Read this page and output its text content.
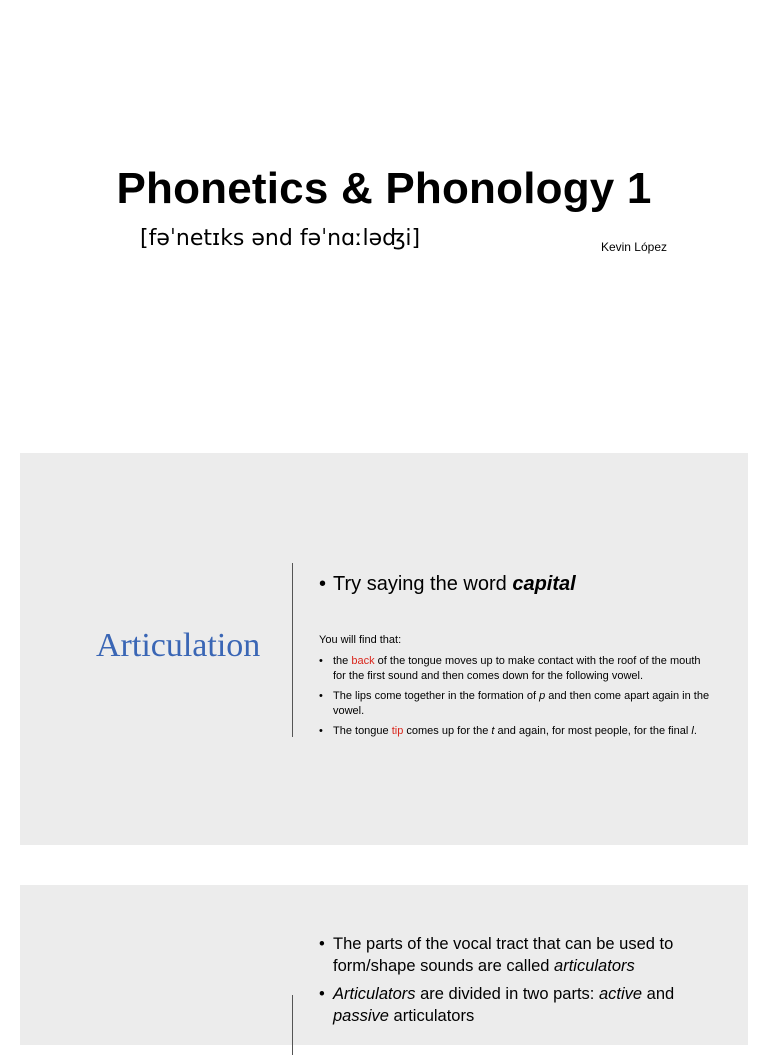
Phonetics & Phonology 1
[fəˈnetɪks ənd fəˈnɑːləʤi]	Kevin López
Articulation
• Try saying the word capital
You will find that:
• the back of the tongue moves up to make contact with the roof of the mouth for the first sound and then comes down for the following vowel.
• The lips come together in the formation of p and then come apart again in the vowel.
• The tongue tip comes up for the t and again, for most people, for the final l.
• The parts of the vocal tract that can be used to form/shape sounds are called articulators
• Articulators are divided in two parts: active and passive articulators
